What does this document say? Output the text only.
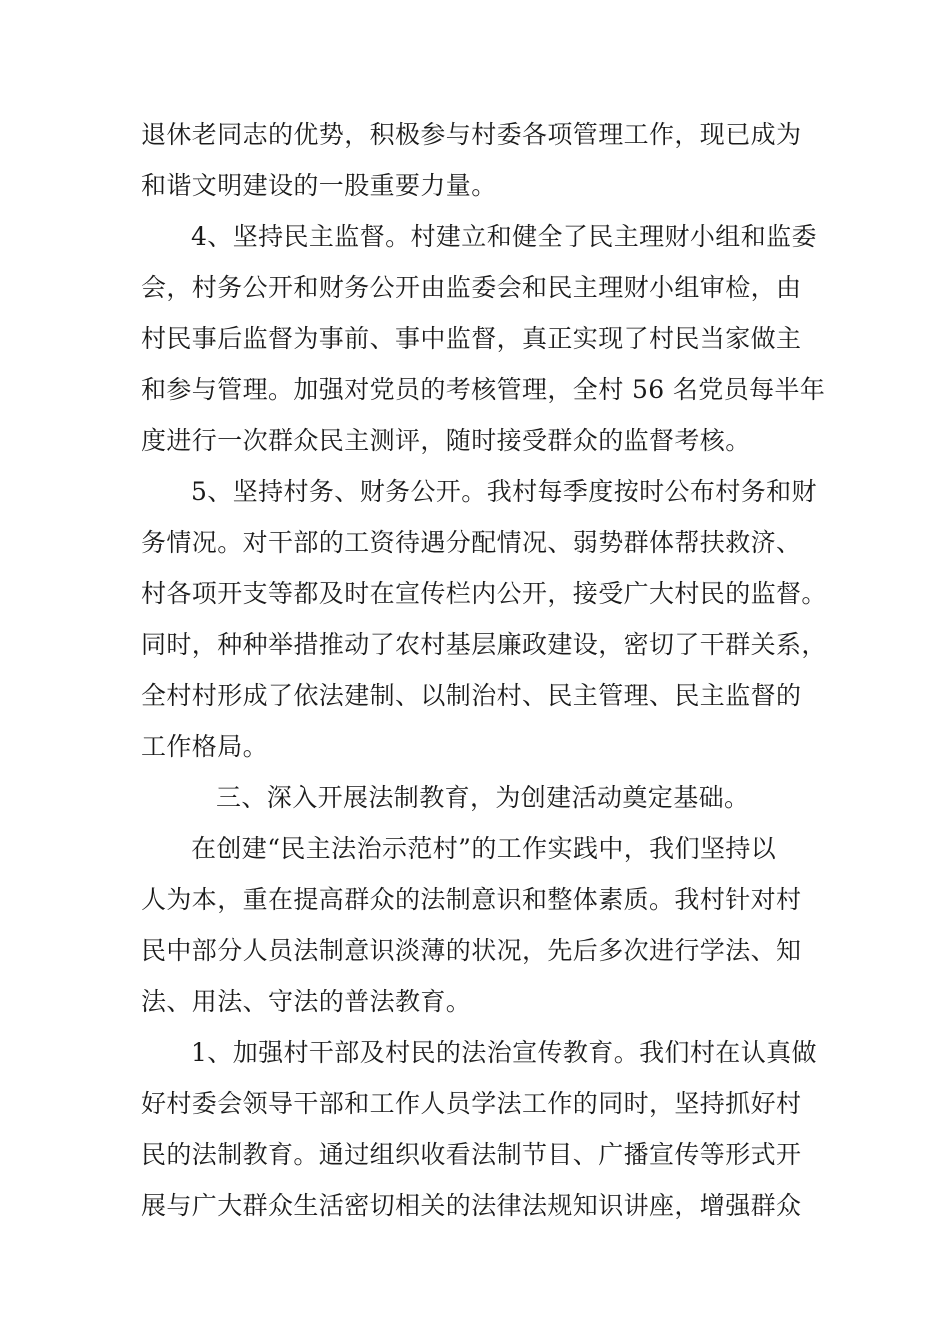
退休老同志的优势，积极参与村委各项管理工作，现已成为
和谐文明建设的一股重要力量。
4、坚持民主监督。村建立和健全了民主理财小组和监委
会，村务公开和财务公开由监委会和民主理财小组审检，由
村民事后监督为事前、事中监督，真正实现了村民当家做主
和参与管理。加强对党员的考核管理，全村 56 名党员每半年
度进行一次群众民主测评，随时接受群众的监督考核。
5、坚持村务、财务公开。我村每季度按时公布村务和财
务情况。对干部的工资待遇分配情况、弱势群体帮扶救济、
村各项开支等都及时在宣传栏内公开，接受广大村民的监督。
同时，种种举措推动了农村基层廉政建设，密切了干群关系，
全村村形成了依法建制、以制治村、民主管理、民主监督的
工作格局。
三、深入开展法制教育，为创建活动奠定基础。
在创建“民主法治示范村”的工作实践中，我们坚持以
人为本，重在提高群众的法制意识和整体素质。我村针对村
民中部分人员法制意识淡薄的状况，先后多次进行学法、知
法、用法、守法的普法教育。
1、加强村干部及村民的法治宣传教育。我们村在认真做
好村委会领导干部和工作人员学法工作的同时，坚持抓好村
民的法制教育。通过组织收看法制节目、广播宣传等形式开
展与广大群众生活密切相关的法律法规知识讲座，增强群众
